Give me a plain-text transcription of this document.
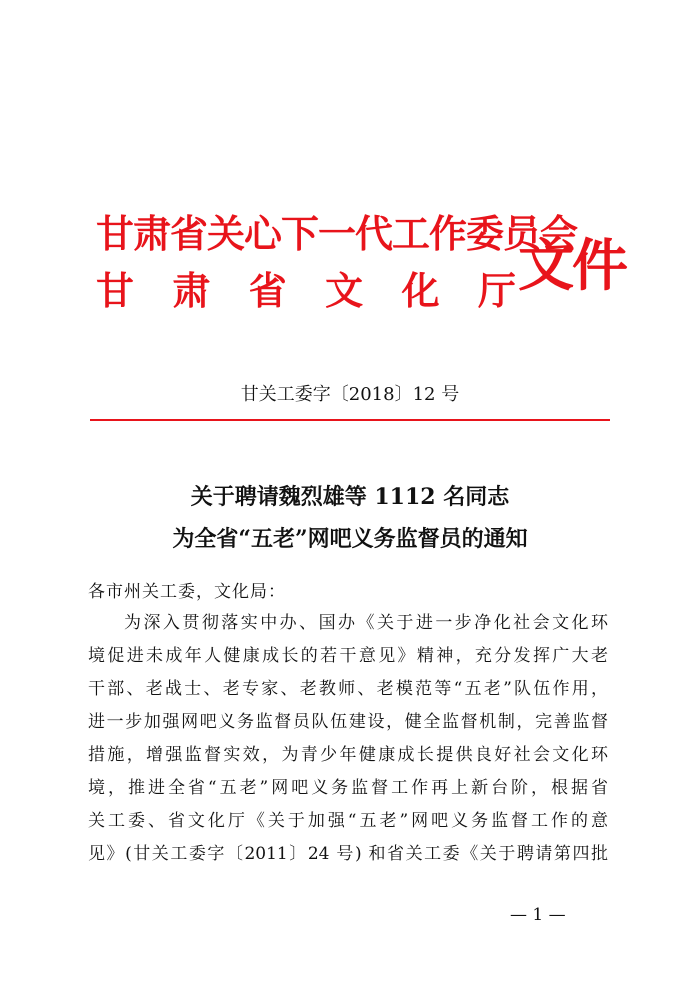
甘肃省关心下一代工作委员会
甘 肃 省 文 化 厅 文件
甘关工委字〔2018〕12 号
关于聘请魏烈雄等 1112 名同志
为全省“五老”网吧义务监督员的通知
各市州关工委，文化局：
为深入贯彻落实中办、国办《关于进一步净化社会文化环
境促进未成年人健康成长的若干意见》精神，充分发挥广大老
干部、老战士、老专家、老教师、老模范等“五老”队伍作用，
进一步加强网吧义务监督员队伍建设，健全监督机制，完善监督
措施，增强监督实效，为青少年健康成长提供良好社会文化环
境，推进全省“五老”网吧义务监督工作再上新台阶，根据省
关工委、省文化厅《关于加强“五老”网吧义务监督工作的意
见》(甘关工委字〔2011〕24 号) 和省关工委《关于聘请第四批
— 1 —
